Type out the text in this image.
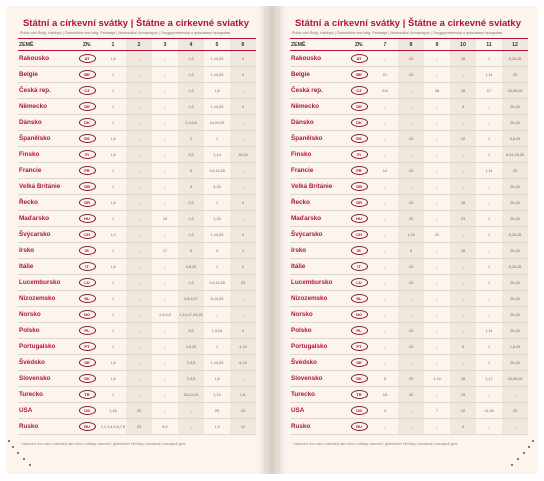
Státní a církevní svátky | Štátne a cirkevné sviatky
Public and Relig. Holidays | Gesetzliche und relig. Feiertage | Nemzetközi ünnepnapok | Государственные и церковные праздники
ZEMĚ	ZN.	1	2	3	4	5	6
Rakousko	AT	1,6	–	–	1,5	1,14,25	4
Belgie	BE	1	–	–	1,5	1,14,25	4
Česká rep.	CZ	1	–	–	1,5	1,8	–
Německo	DE	1	–	–	1,5	1,14,25	4
Dánsko	DK	1	–	–	2,3,5,6	14,24,25	–
Španělsko	ES	1,6	–	–	2	1	–
Finsko	FI	1,6	–	–	3,5	1,14	18,20
Francie	FR	1	–	–	5	1,8,14,25	–
Velká Británie	GB	1	–	–	3	4,25	–
Řecko	GR	1,6	–	–	2,5	1	4
Maďarsko	HU	1	–	15	1,5	1,25	–
Švýcarsko	CH	1,2	–	–	1,5	1,14,25	4
Irsko	IE	1	–	17	6	4	1
Itálie	IT	1,6	–	–	5,6,25	1	2
Lucembursko	LU	1	–	–	1,5	1,9,14,25	23
Nizozemsko	NL	1	–	–	3,5,6,27	5,14,25	–
Norsko	NO	1	–	2,3,5,6	1,14,17,24,25	–	–
Polsko	PL	1	–	–	5,6	1,3,24	4
Portugalsko	PT	1	–	–	2,5,25	1	4,10
Švédsko	SE	1,6	–	–	2,3,5	1,14,25	6,24
Slovensko	SK	1,6	–	–	2,3,5	1,8	–
Turecko	TR	1	–	–	20,21,23	1,19	1,9,
USA	US	1,16	20	–	–	25	19
Rusko	RU	1,2,3,4,5,6,7,8	23	8,9	–	1,9	12
* nahrazení dne volna / náhradný deň voľna / holidays observed / gesetzlicher Feiertag / szabadnap / выходной день
Státní a církevní svátky | Štátne a cirkevné sviatky
Public and Relig. Holidays | Gesetzliche und relig. Feiertage | Nemzetközi ünnepnapok | Государственные и церковные праздники
ZEMĚ	ZN.	7	8	9	10	11	12
Rakousko	AT	–	15	–	26	1	8,25,26
Belgie	BE	21	15	–	–	1,11	25
Česká rep.	CZ	5,6	–	28	28	17	24,25,26
Německo	DE	–	–	–	3	–	25,26
Dánsko	DK	–	–	–	–	–	25,26
Španělsko	ES	–	15	–	12	1	6,8,25
Finsko	FI	–	–	–	–	1	6,24,25,26
Francie	FR	14	15	–	–	1,11	25
Velká Británie	GB	–	–	–	–	–	25,26
Řecko	GR	–	15	–	28	–	25,26
Maďarsko	HU	–	20	–	23	1	25,26
Švýcarsko	CH	–	1,15	20	–	1	8,25,26
Irsko	IE	–	3	–	28	–	25,26
Itálie	IT	–	15	–	–	1	8,25,26
Lucembursko	LU	–	15	–	–	1	25,26
Nizozemsko	NL	–	–	–	–	–	25,26
Norsko	NO	–	–	–	–	–	25,26
Polsko	PL	–	15	–	–	1,11	25,26
Portugalsko	PT	–	15	–	5	1	1,8,25
Švédsko	SE	–	–	–	–	1	25,26
Slovensko	SK	5	29	1,15	28	1,17	24,25,26
Turecko	TR	15	30	–	29	–	–
USA	US	4	–	7	12	11,28	25
Rusko	RU	–	–	–	4	–	–
* nahrazení dne volna / náhradný deň voľna / holidays observed / gesetzlicher Feiertag / szabadnap / выходной день
